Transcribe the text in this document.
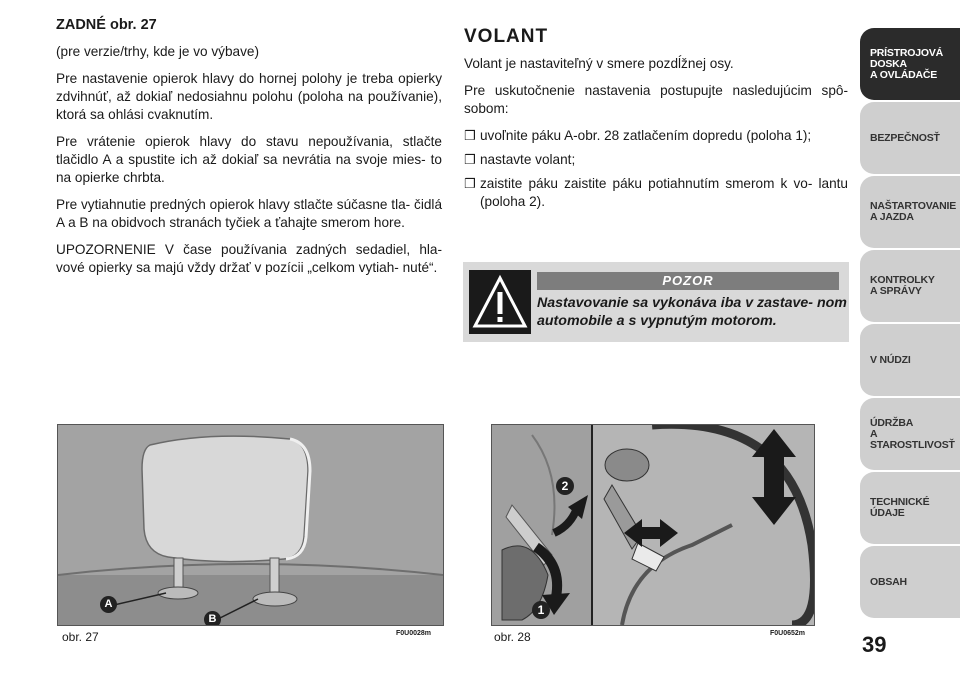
ZADNÉ obr. 27

(pre verzie/trhy, kde je vo výbave)

Pre nastavenie opierok hlavy do hornej polohy je treba opierky zdvihnúť, až dokiaľ nedosiahnu polohu (poloha na používanie), ktorá sa ohlási cvaknutím.

Pre vrátenie opierok hlavy do stavu nepoužívania, stlačte tlačidlo A a spustite ich až dokiaľ sa nevrátia na svoje mies- to na opierke chrbta.

Pre vytiahnutie predných opierok hlavy stlačte súčasne tla- čidlá A a B na obidvoch stranách tyčiek a ťahajte smerom hore.

UPOZORNENIE V čase používania zadných sedadiel, hla- vové opierky sa majú vždy držať v pozícii „celkom vytiah- nuté“.

VOLANT

Volant je nastaviteľný v smere pozdĺžnej osy.

Pre uskutočnenie nastavenia postupujte nasledujúcim spô- sobom:

❒ uvoľnite páku A-obr. 28 zatlačením dopredu (poloha 1);
❒ nastavte volant;
❒ zaistite páku zaistite páku potiahnutím smerom k vo- lantu (poloha 2).
POZOR
Nastavovanie sa vykonáva iba v zastave- nom automobile a s vypnutým motorom.
A
B
obr. 27	F0U0028m
2
1
obr. 28	F0U0652m	39
PRÍSTROJOVÁ
DOSKA
A OVLÁDAČE
BEZPEČNOSŤ
NAŠTARTOVANIE
A JAZDA
KONTROLKY
A SPRÁVY
V NÚDZI
ÚDRŽBA
A STAROSTLIVOSŤ
TECHNICKÉ ÚDAJE
OBSAH
